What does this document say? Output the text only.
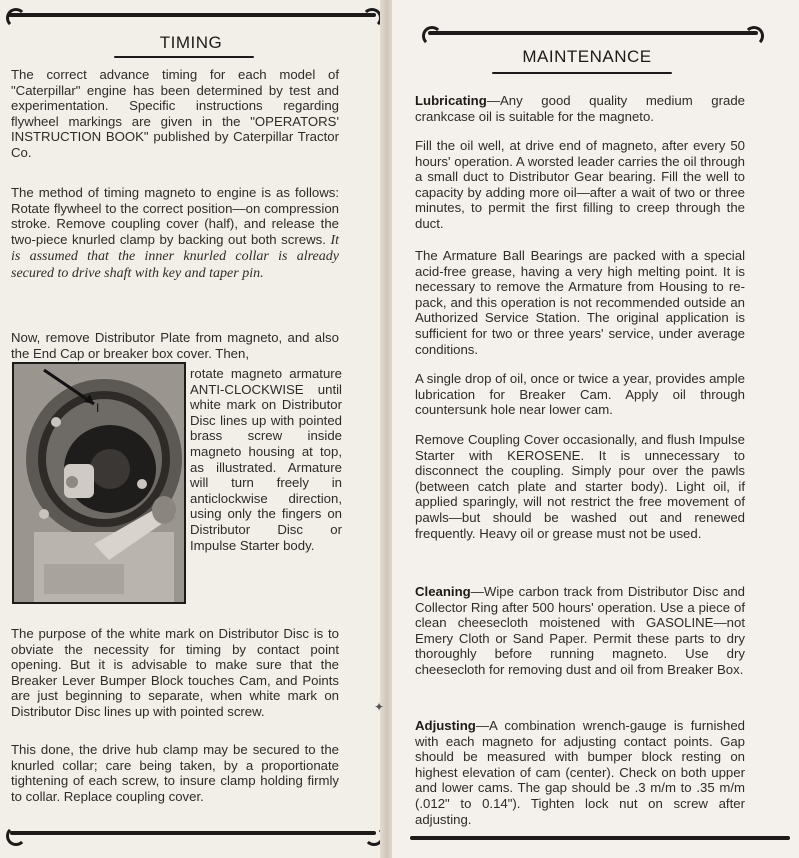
TIMING

The correct advance timing for each model of "Caterpillar" engine has been determined by test and experimentation. Specific instructions regarding flywheel markings are given in the "OPERATORS' INSTRUCTION BOOK" published by Caterpillar Tractor Co.

The method of timing magneto to engine is as follows: Rotate flywheel to the correct position—on compression stroke. Remove coupling cover (half), and release the two-piece knurled clamp by backing out both screws. It is assumed that the inner knurled collar is already secured to drive shaft with key and taper pin.

Now, remove Distributor Plate from magneto, and also the End Cap or breaker box cover. Then,

I

rotate magneto armature ANTI-CLOCKWISE until white mark on Distributor Disc lines up with pointed brass screw inside magneto housing at top, as illustrated. Armature will turn freely in anticlockwise direction, using only the fingers on Distributor Disc or Impulse Starter body.

The purpose of the white mark on Distributor Disc is to obviate the necessity for timing by contact point opening. But it is advisable to make sure that the Breaker Lever Bumper Block touches Cam, and Points are just beginning to separate, when white mark on Distributor Disc lines up with pointed screw.

This done, the drive hub clamp may be secured to the knurled collar; care being taken, by a proportionate tightening of each screw, to insure clamp holding firmly to collar. Replace coupling cover.

✦
MAINTENANCE

Lubricating—Any good quality medium grade crankcase oil is suitable for the magneto.

Fill the oil well, at drive end of magneto, after every 50 hours' operation. A worsted leader carries the oil through a small duct to Distributor Gear bearing. Fill the well to capacity by adding more oil—after a wait of two or three minutes, to permit the first filling to creep through the duct.

The Armature Ball Bearings are packed with a special acid-free grease, having a very high melting point. It is necessary to remove the Armature from Housing to re-pack, and this operation is not recommended outside an Authorized Service Station. The original application is sufficient for two or three years' service, under average conditions.

A single drop of oil, once or twice a year, provides ample lubrication for Breaker Cam. Apply oil through countersunk hole near lower cam.

Remove Coupling Cover occasionally, and flush Impulse Starter with KEROSENE. It is unnecessary to disconnect the coupling. Simply pour over the pawls (between catch plate and starter body). Light oil, if applied sparingly, will not restrict the free movement of pawls—but should be washed out and renewed frequently. Heavy oil or grease must not be used.

Cleaning—Wipe carbon track from Distributor Disc and Collector Ring after 500 hours' operation. Use a piece of clean cheesecloth moistened with GASOLINE—not Emery Cloth or Sand Paper. Permit these parts to dry thoroughly before running magneto. Use dry cheesecloth for removing dust and oil from Breaker Box.

Adjusting—A combination wrench-gauge is furnished with each magneto for adjusting contact points. Gap should be measured with bumper block resting on highest elevation of cam (center). Check on both upper and lower cams. The gap should be .3 m/m to .35 m/m (.012" to 0.14"). Tighten lock nut on screw after adjusting.
